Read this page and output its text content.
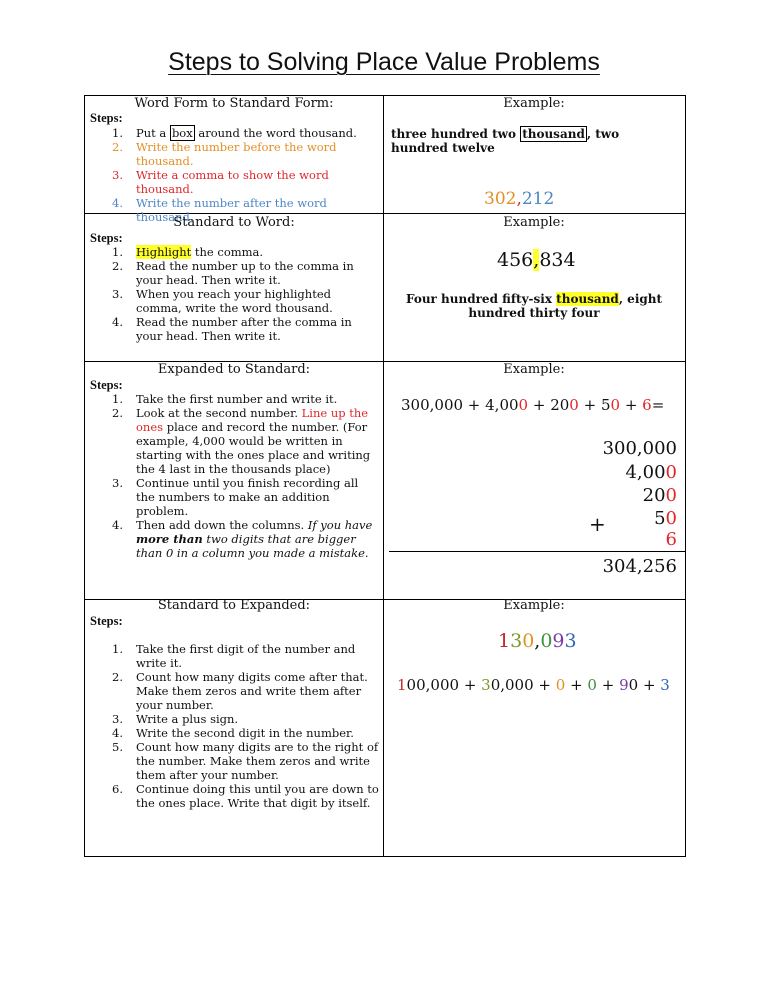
Steps to Solving Place Value Problems
Word Form to Standard Form:
Steps:
1. Put a box around the word thousand.
2. Write the number before the word thousand.
3. Write a comma to show the word thousand.
4. Write the number after the word thousand.
Example:
three hundred two thousand , two hundred twelve
302,212
Standard to Word:
Steps:
1. Highlight the comma.
2. Read the number up to the comma in your head. Then write it.
3. When you reach your highlighted comma, write the word thousand.
4. Read the number after the comma in your head. Then write it.
Example:
456,834
Four hundred fifty-six thousand, eight hundred thirty four
Expanded to Standard:
Steps:
1. Take the first number and write it.
2. Look at the second number. Line up the ones place and record the number. (For example, 4,000 would be written in starting with the ones place and writing the 4 last in the thousands place)
3. Continue until you finish recording all the numbers to make an addition problem.
4. Then add down the columns. If you have more than two digits that are bigger than 0 in a column you made a mistake.
Example:
300,000 + 4,000 + 200 + 50 + 6=
300,000
4,000
200
50
6
+
304,256
Standard to Expanded:
Steps:
1. Take the first digit of the number and write it.
2. Count how many digits come after that. Make them zeros and write them after your number.
3. Write a plus sign.
4. Write the second digit in the number.
5. Count how many digits are to the right of the number. Make them zeros and write them after your number.
6. Continue doing this until you are down to the ones place. Write that digit by itself.
Example:
130,093
100,000 + 30,000 + 0 + 0 + 90 + 3
